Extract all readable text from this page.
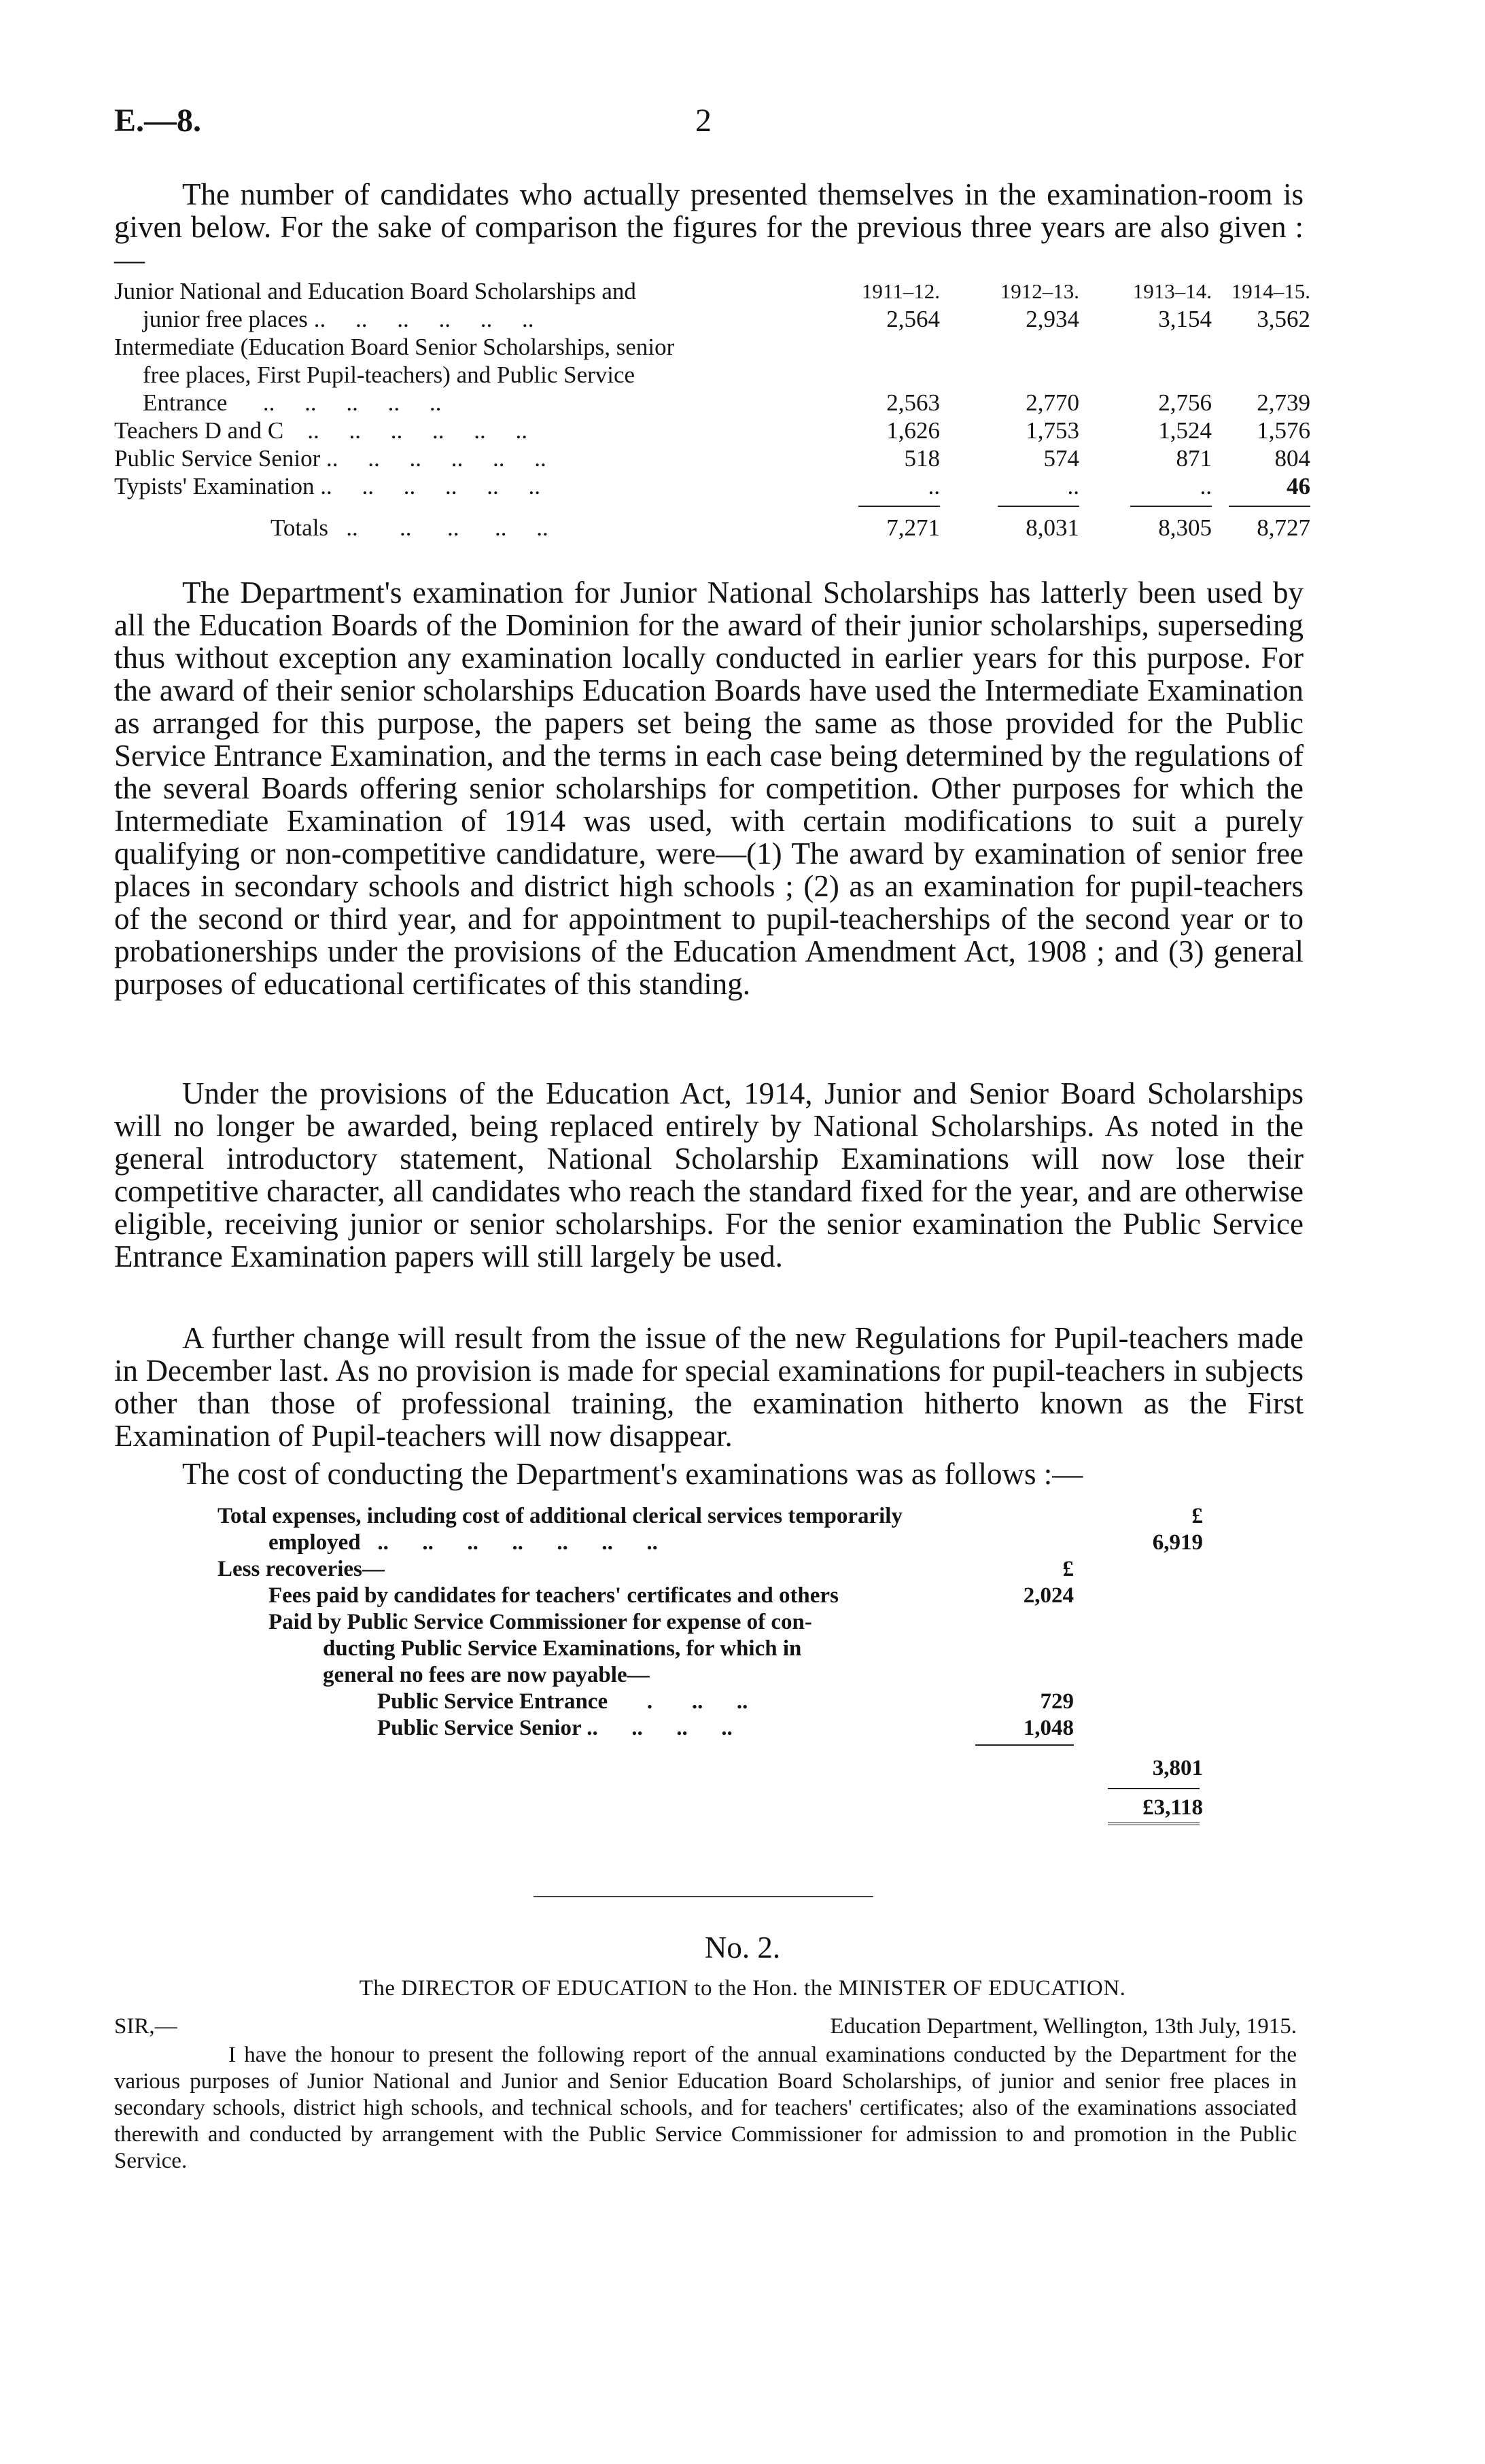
E.—8.	2
The number of candidates who actually presented themselves in the examination-room is given below. For the sake of comparison the figures for the previous three years are also given :—
Junior National and Education Board Scholarships and	1911–12.	1912–13.	1913–14. 1914–15.
junior free places ..     ..     ..     ..     ..     ..	2,564	2,934	3,154	3,562
Intermediate (Education Board Senior Scholarships, senior
free places, First Pupil-teachers) and Public Service
Entrance      ..     ..     ..     ..     ..	2,563	2,770	2,756	2,739
Teachers D and C    ..     ..     ..     ..     ..     ..	1,626	1,753	1,524	1,576
Public Service Senior ..     ..     ..     ..     ..     ..	518	574	871	804
Typists' Examination ..     ..     ..     ..     ..     ..	..	..	..	46
Totals   ..       ..      ..      ..     ..	7,271	8,031	8,305	8,727
The Department's examination for Junior National Scholarships has latterly been used by all the Education Boards of the Dominion for the award of their junior scholarships, superseding thus without exception any examination locally conducted in earlier years for this purpose. For the award of their senior scholarships Education Boards have used the Intermediate Examination as arranged for this purpose, the papers set being the same as those provided for the Public Service Entrance Examination, and the terms in each case being determined by the regulations of the several Boards offering senior scholarships for competition. Other purposes for which the Intermediate Examination of 1914 was used, with certain modifications to suit a purely qualifying or non-competitive candidature, were—(1) The award by examination of senior free places in secondary schools and district high schools ; (2) as an examination for pupil-teachers of the second or third year, and for appointment to pupil-teacherships of the second year or to probationerships under the provisions of the Education Amendment Act, 1908 ; and (3) general purposes of educational certificates of this standing.
Under the provisions of the Education Act, 1914, Junior and Senior Board Scholarships will no longer be awarded, being replaced entirely by National Scholarships. As noted in the general introductory statement, National Scholarship Examinations will now lose their competitive character, all candidates who reach the standard fixed for the year, and are otherwise eligible, receiving junior or senior scholarships. For the senior examination the Public Service Entrance Examination papers will still largely be used.
A further change will result from the issue of the new Regulations for Pupil-teachers made in December last. As no provision is made for special examinations for pupil-teachers in subjects other than those of professional training, the examination hitherto known as the First Examination of Pupil-teachers will now disappear.
The cost of conducting the Department's examinations was as follows :—
Total expenses, including cost of additional clerical services temporarily	£
employed   ..      ..      ..      ..      ..      ..      ..	6,919
Less recoveries—	£
Fees paid by candidates for teachers' certificates and others	2,024
Paid by Public Service Commissioner for expense of con-
ducting Public Service Examinations, for which in
general no fees are now payable—
Public Service Entrance       .       ..      ..	729
Public Service Senior ..      ..      ..      ..	1,048
3,801
£3,118
No. 2.
The DIRECTOR OF EDUCATION to the Hon. the MINISTER OF EDUCATION.
SIR,—	Education Department, Wellington, 13th July, 1915.
I have the honour to present the following report of the annual examinations conducted by the Department for the various purposes of Junior National and Junior and Senior Education Board Scholarships, of junior and senior free places in secondary schools, district high schools, and technical schools, and for teachers' certificates; also of the examinations associated therewith and conducted by arrangement with the Public Service Commissioner for admission to and promotion in the Public Service.
